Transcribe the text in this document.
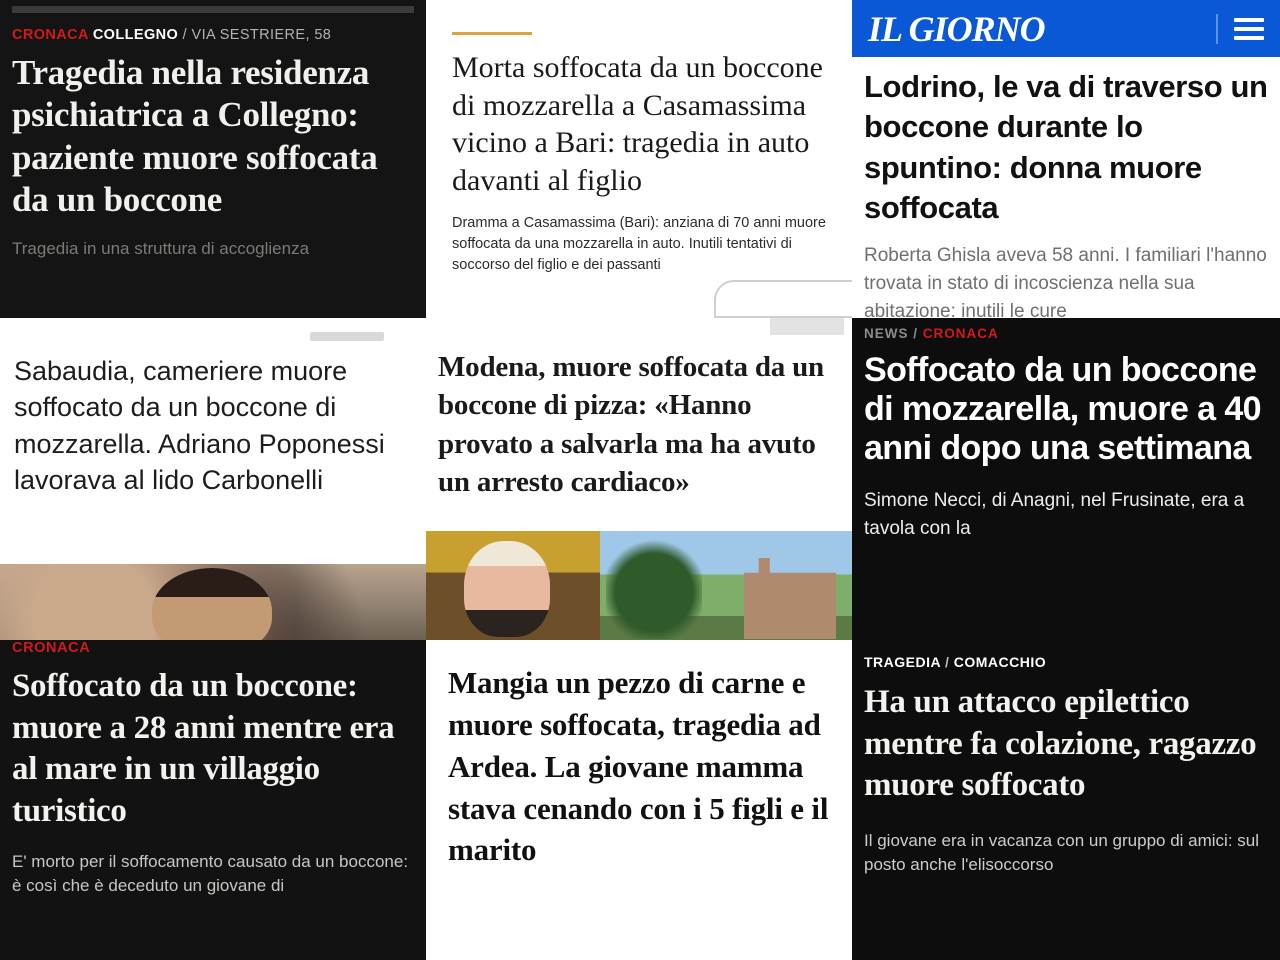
CRONACA COLLEGNO / VIA SESTRIERE, 58
Tragedia nella residenza psichiatrica a Collegno: paziente muore soffocata da un boccone
Tragedia in una struttura di accoglienza
Morta soffocata da un boccone di mozzarella a Casamassima vicino a Bari: tragedia in auto davanti al figlio
Dramma a Casamassima (Bari): anziana di 70 anni muore soffocata da una mozzarella in auto. Inutili tentativi di soccorso del figlio e dei passanti
IL GIORNO
Lodrino, le va di traverso un boccone durante lo spuntino: donna muore soffocata
Roberta Ghisla aveva 58 anni. I familiari l'hanno trovata in stato di incoscienza nella sua abitazione: inutili le cure
Sabaudia, cameriere muore soffocato da un boccone di mozzarella. Adriano Poponessi lavorava al lido Carbonelli
Modena, muore soffocata da un boccone di pizza: «Hanno provato a salvarla ma ha avuto un arresto cardiaco»
NEWS / CRONACA
Soffocato da un boccone di mozzarella, muore a 40 anni dopo una settimana
Simone Necci, di Anagni, nel Frusinate, era a tavola con la
CRONACA
Soffocato da un boccone: muore a 28 anni mentre era al mare in un villaggio turistico
E' morto per il soffocamento causato da un boccone: è così che è deceduto un giovane di
Mangia un pezzo di carne e muore soffocata, tragedia ad Ardea. La giovane mamma stava cenando con i 5 figli e il marito
TRAGEDIA / COMACCHIO
Ha un attacco epilettico mentre fa colazione, ragazzo muore soffocato
Il giovane era in vacanza con un gruppo di amici: sul posto anche l'elisoccorso
